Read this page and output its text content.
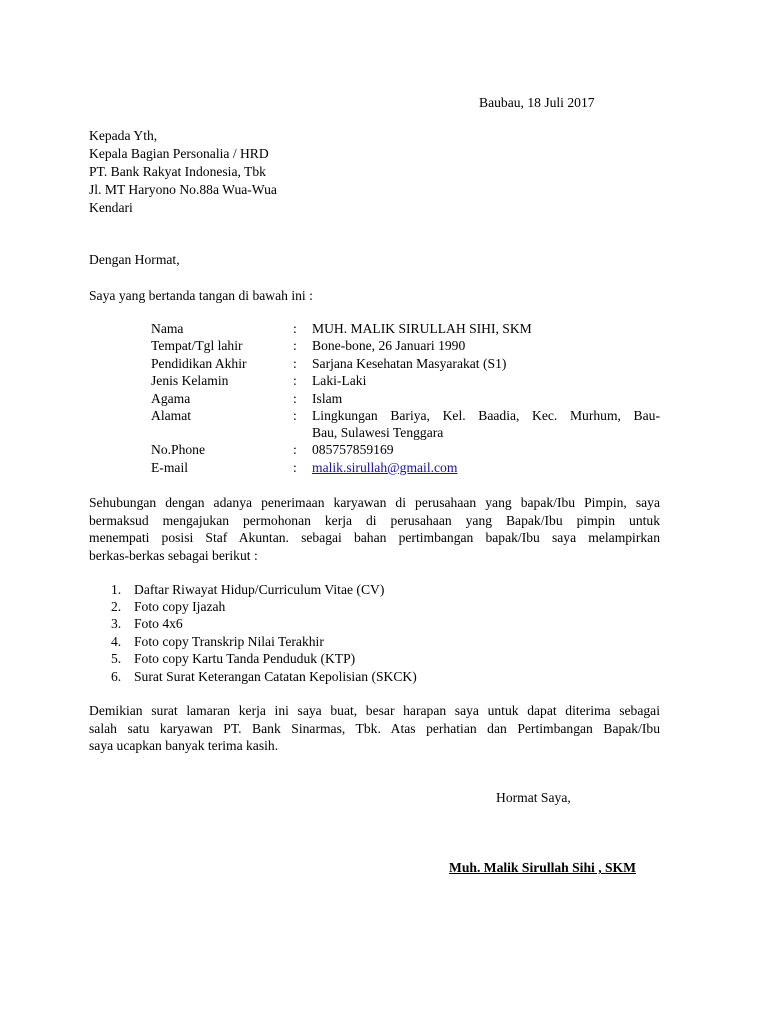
Baubau, 18 Juli 2017
Kepada Yth,
Kepala Bagian Personalia / HRD
PT. Bank Rakyat Indonesia, Tbk
Jl. MT Haryono No.88a Wua-Wua
Kendari
Dengan Hormat,
Saya yang bertanda tangan di bawah ini :
Nama	: MUH. MALIK SIRULLAH SIHI, SKM
Tempat/Tgl lahir	: Bone-bone, 26 Januari 1990
Pendidikan Akhir	: Sarjana Kesehatan Masyarakat (S1)
Jenis Kelamin	: Laki-Laki
Agama	: Islam
Alamat	: Lingkungan Bariya, Kel. Baadia, Kec. Murhum, Bau-
Bau, Sulawesi Tenggara
No.Phone	: 085757859169
E-mail	: malik.sirullah@gmail.com
Sehubungan dengan adanya penerimaan karyawan di perusahaan yang bapak/Ibu Pimpin, saya
bermaksud mengajukan permohonan kerja di perusahaan yang Bapak/Ibu pimpin untuk
menempati posisi Staf Akuntan. sebagai bahan pertimbangan bapak/Ibu saya melampirkan
berkas-berkas sebagai berikut :
1. Daftar Riwayat Hidup/Curriculum Vitae (CV)
2. Foto copy Ijazah
3. Foto 4x6
4. Foto copy Transkrip Nilai Terakhir
5. Foto copy Kartu Tanda Penduduk (KTP)
6. Surat Surat Keterangan Catatan Kepolisian (SKCK)
Demikian surat lamaran kerja ini saya buat, besar harapan saya untuk dapat diterima sebagai
salah satu karyawan PT. Bank Sinarmas, Tbk. Atas perhatian dan Pertimbangan Bapak/Ibu
saya ucapkan banyak terima kasih.
Hormat Saya,
Muh. Malik Sirullah Sihi , SKM
